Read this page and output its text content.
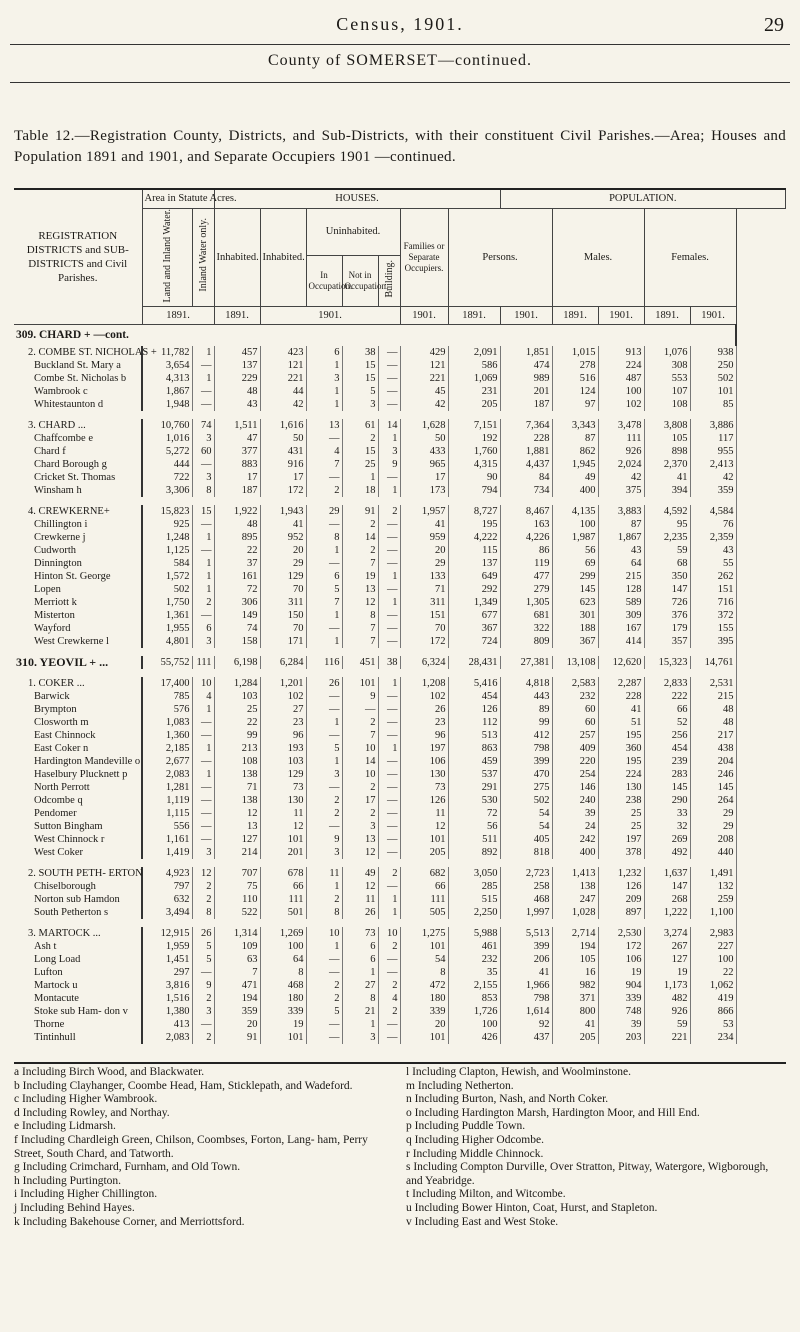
Census, 1901.	29
County of SOMERSET—continued.
Table 12.—Registration County, Districts, and Sub-Districts, with their constituent Civil Parishes.—Area; Houses and Population 1891 and 1901, and Separate Occupiers 1901 —continued.
REGISTRATION DISTRICTS and SUB-DISTRICTS and Civil Parishes.	Area in Statute Acres.		HOUSES.							POPULATION.				
	Land and Inland Water.	Inland Water only.	Inhabited.	Inhabited.	Uninhabited.			Families or Separate Occupiers.	Persons.		Males.		Females.	
					In Occupation.	Not in Occupation.	Building.							
	1891.		1891.	1901.				1901.	1891.	1901.	1891.	1901.	1891.	1901.
309. CHARD + —cont.														
2. COMBE ST. NICHOLAS +	11,782	1	457	423	6	38	—	429	2,091	1,851	1,015	913	1,076	938
Buckland St. Mary a	3,654	—	137	121	1	15	—	121	586	474	278	224	308	250
Combe St. Nicholas b	4,313	1	229	221	3	15	—	221	1,069	989	516	487	553	502
Wambrook c	1,867	—	48	44	1	5	—	45	231	201	124	100	107	101
Whitestaunton d	1,948	—	43	42	1	3	—	42	205	187	97	102	108	85

3. CHARD ...	10,760	74	1,511	1,616	13	61	14	1,628	7,151	7,364	3,343	3,478	3,808	3,886
Chaffcombe e	1,016	3	47	50	—	2	1	50	192	228	87	111	105	117
Chard f	5,272	60	377	431	4	15	3	433	1,760	1,881	862	926	898	955
Chard Borough g	444	—	883	916	7	25	9	965	4,315	4,437	1,945	2,024	2,370	2,413
Cricket St. Thomas	722	3	17	17	—	1	—	17	90	84	49	42	41	42
Winsham h	3,306	8	187	172	2	18	1	173	794	734	400	375	394	359

4. CREWKERNE+	15,823	15	1,922	1,943	29	91	2	1,957	8,727	8,467	4,135	3,883	4,592	4,584
Chillington i	925	—	48	41	—	2	—	41	195	163	100	87	95	76
Crewkerne j	1,248	1	895	952	8	14	—	959	4,222	4,226	1,987	1,867	2,235	2,359
Cudworth	1,125	—	22	20	1	2	—	20	115	86	56	43	59	43
Dinnington	584	1	37	29	—	7	—	29	137	119	69	64	68	55
Hinton St. George	1,572	1	161	129	6	19	1	133	649	477	299	215	350	262
Lopen	502	1	72	70	5	13	—	71	292	279	145	128	147	151
Merriott k	1,750	2	306	311	7	12	1	311	1,349	1,305	623	589	726	716
Misterton	1,361	—	149	150	1	8	—	151	677	681	301	309	376	372
Wayford	1,955	6	74	70	—	7	—	70	367	322	188	167	179	155
West Crewkerne l	4,801	3	158	171	1	7	—	172	724	809	367	414	357	395

310. YEOVIL + ...	55,752	111	6,198	6,284	116	451	38	6,324	28,431	27,381	13,108	12,620	15,323	14,761

1. COKER ...	17,400	10	1,284	1,201	26	101	1	1,208	5,416	4,818	2,583	2,287	2,833	2,531
Barwick	785	4	103	102	—	9	—	102	454	443	232	228	222	215
Brympton	576	1	25	27	—	—	—	26	126	89	60	41	66	48
Closworth m	1,083	—	22	23	1	2	—	23	112	99	60	51	52	48
East Chinnock	1,360	—	99	96	—	7	—	96	513	412	257	195	256	217
East Coker n	2,185	1	213	193	5	10	1	197	863	798	409	360	454	438
Hardington Mandeville o	2,677	—	108	103	1	14	—	106	459	399	220	195	239	204
Haselbury Plucknett p	2,083	1	138	129	3	10	—	130	537	470	254	224	283	246
North Perrott	1,281	—	71	73	—	2	—	73	291	275	146	130	145	145
Odcombe q	1,119	—	138	130	2	17	—	126	530	502	240	238	290	264
Pendomer	1,115	—	12	11	2	2	—	11	72	54	39	25	33	29
Sutton Bingham	556	—	13	12	—	3	—	12	56	54	24	25	32	29
West Chinnock r	1,161	—	127	101	9	13	—	101	511	405	242	197	269	208
West Coker	1,419	3	214	201	3	12	—	205	892	818	400	378	492	440

2. SOUTH PETH- ERTON	4,923	12	707	678	11	49	2	682	3,050	2,723	1,413	1,232	1,637	1,491
Chiselborough	797	2	75	66	1	12	—	66	285	258	138	126	147	132
Norton sub Hamdon	632	2	110	111	2	11	1	111	515	468	247	209	268	259
South Petherton s	3,494	8	522	501	8	26	1	505	2,250	1,997	1,028	897	1,222	1,100

3. MARTOCK ...	12,915	26	1,314	1,269	10	73	10	1,275	5,988	5,513	2,714	2,530	3,274	2,983
Ash t	1,959	5	109	100	1	6	2	101	461	399	194	172	267	227
Long Load	1,451	5	63	64	—	6	—	54	232	206	105	106	127	100
Lufton	297	—	7	8	—	1	—	8	35	41	16	19	19	22
Martock u	3,816	9	471	468	2	27	2	472	2,155	1,966	982	904	1,173	1,062
Montacute	1,516	2	194	180	2	8	4	180	853	798	371	339	482	419
Stoke sub Ham- don v	1,380	3	359	339	5	21	2	339	1,726	1,614	800	748	926	866
Thorne	413	—	20	19	—	1	—	20	100	92	41	39	59	53
Tintinhull	2,083	2	91	101	—	3	—	101	426	437	205	203	221	234
a Including Birch Wood, and Blackwater.
b Including Clayhanger, Coombe Head, Ham, Sticklepath, and Wadeford.
c Including Higher Wambrook.
d Including Rowley, and Northay.
e Including Lidmarsh.
f Including Chardleigh Green, Chilson, Coombses, Forton, Lang- ham, Perry Street, South Chard, and Tatworth.
g Including Crimchard, Furnham, and Old Town.
h Including Purtington.
i Including Higher Chillington.
j Including Behind Hayes.
k Including Bakehouse Corner, and Merriottsford.
l Including Clapton, Hewish, and Woolminstone.
m Including Netherton.
n Including Burton, Nash, and North Coker.
o Including Hardington Marsh, Hardington Moor, and Hill End.
p Including Puddle Town.
q Including Higher Odcombe.
r Including Middle Chinnock.
s Including Compton Durville, Over Stratton, Pitway, Watergore, Wigborough, and Yeabridge.
t Including Milton, and Witcombe.
u Including Bower Hinton, Coat, Hurst, and Stapleton.
v Including East and West Stoke.
